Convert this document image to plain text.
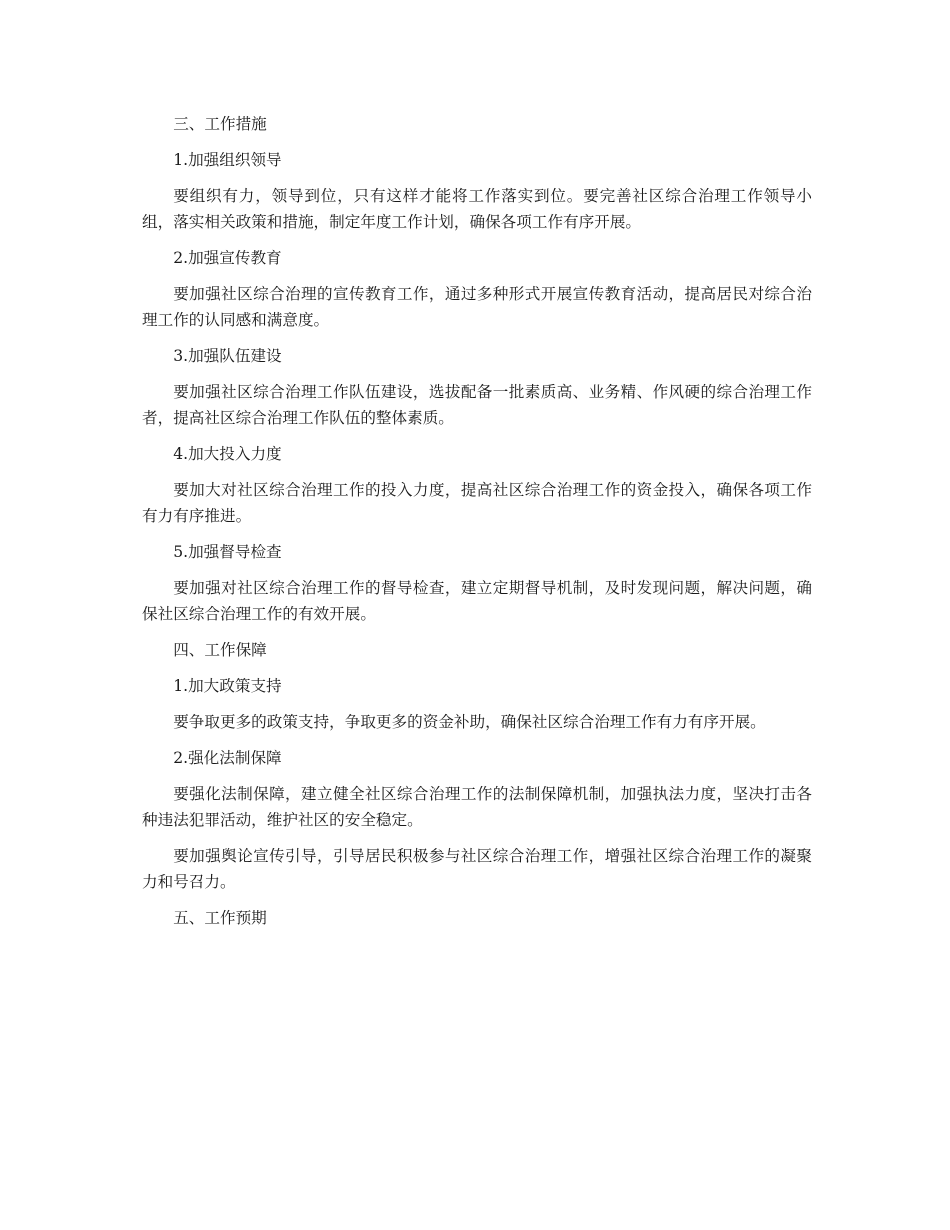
三、工作措施

1.加强组织领导

要组织有力，领导到位，只有这样才能将工作落实到位。要完善社区综合治理工作领导小组，落实相关政策和措施，制定年度工作计划，确保各项工作有序开展。

2.加强宣传教育

要加强社区综合治理的宣传教育工作，通过多种形式开展宣传教育活动，提高居民对综合治理工作的认同感和满意度。

3.加强队伍建设

要加强社区综合治理工作队伍建设，选拔配备一批素质高、业务精、作风硬的综合治理工作者，提高社区综合治理工作队伍的整体素质。

4.加大投入力度

要加大对社区综合治理工作的投入力度，提高社区综合治理工作的资金投入，确保各项工作有力有序推进。

5.加强督导检查

要加强对社区综合治理工作的督导检查，建立定期督导机制，及时发现问题，解决问题，确保社区综合治理工作的有效开展。

四、工作保障

1.加大政策支持

要争取更多的政策支持，争取更多的资金补助，确保社区综合治理工作有力有序开展。

2.强化法制保障

要强化法制保障，建立健全社区综合治理工作的法制保障机制，加强执法力度，坚决打击各种违法犯罪活动，维护社区的安全稳定。

要加强舆论宣传引导，引导居民积极参与社区综合治理工作，增强社区综合治理工作的凝聚力和号召力。

五、工作预期
